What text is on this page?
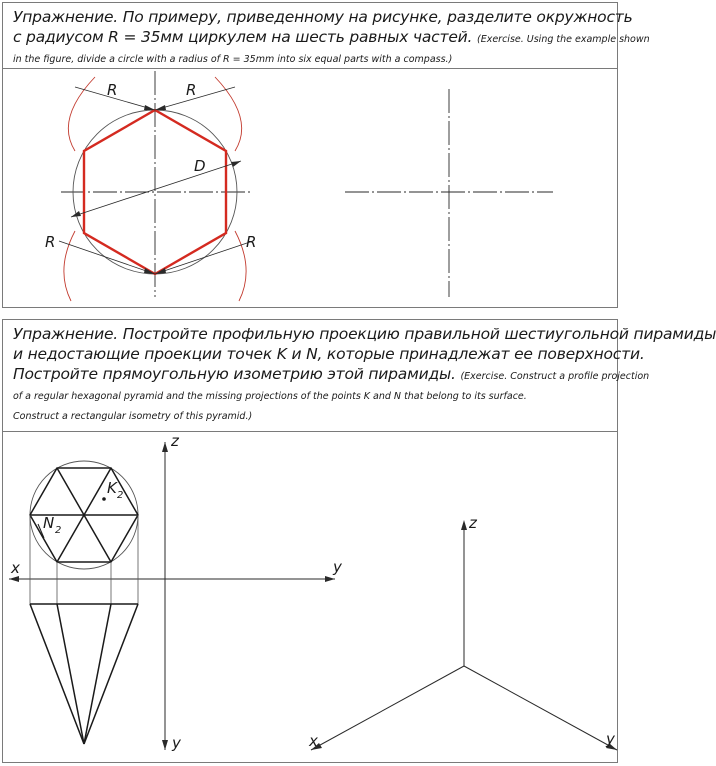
Упражнение. По примеру, приведенному на рисунке, разделите окружность
с радиусом R = 35мм циркулем на шесть равных частей. (Exercise. Using the example shown
in the figure, divide a circle with a radius of R = 35mm into six equal parts with a compass.)
R	R
D
R	R
Упражнение. Постройте профильную проекцию правильной шестиугольной пирамиды
и недостающие проекции точек K и N, которые принадлежат ее поверхности.
Постройте прямоугольную изометрию этой пирамиды. (Exercise. Construct a profile projection
of a regular hexagonal pyramid and the missing projections of the points K and N that belong to its surface.
Construct a rectangular isometry of this pyramid.)
z
y
x	y
K 2
N 2	z
x	y
